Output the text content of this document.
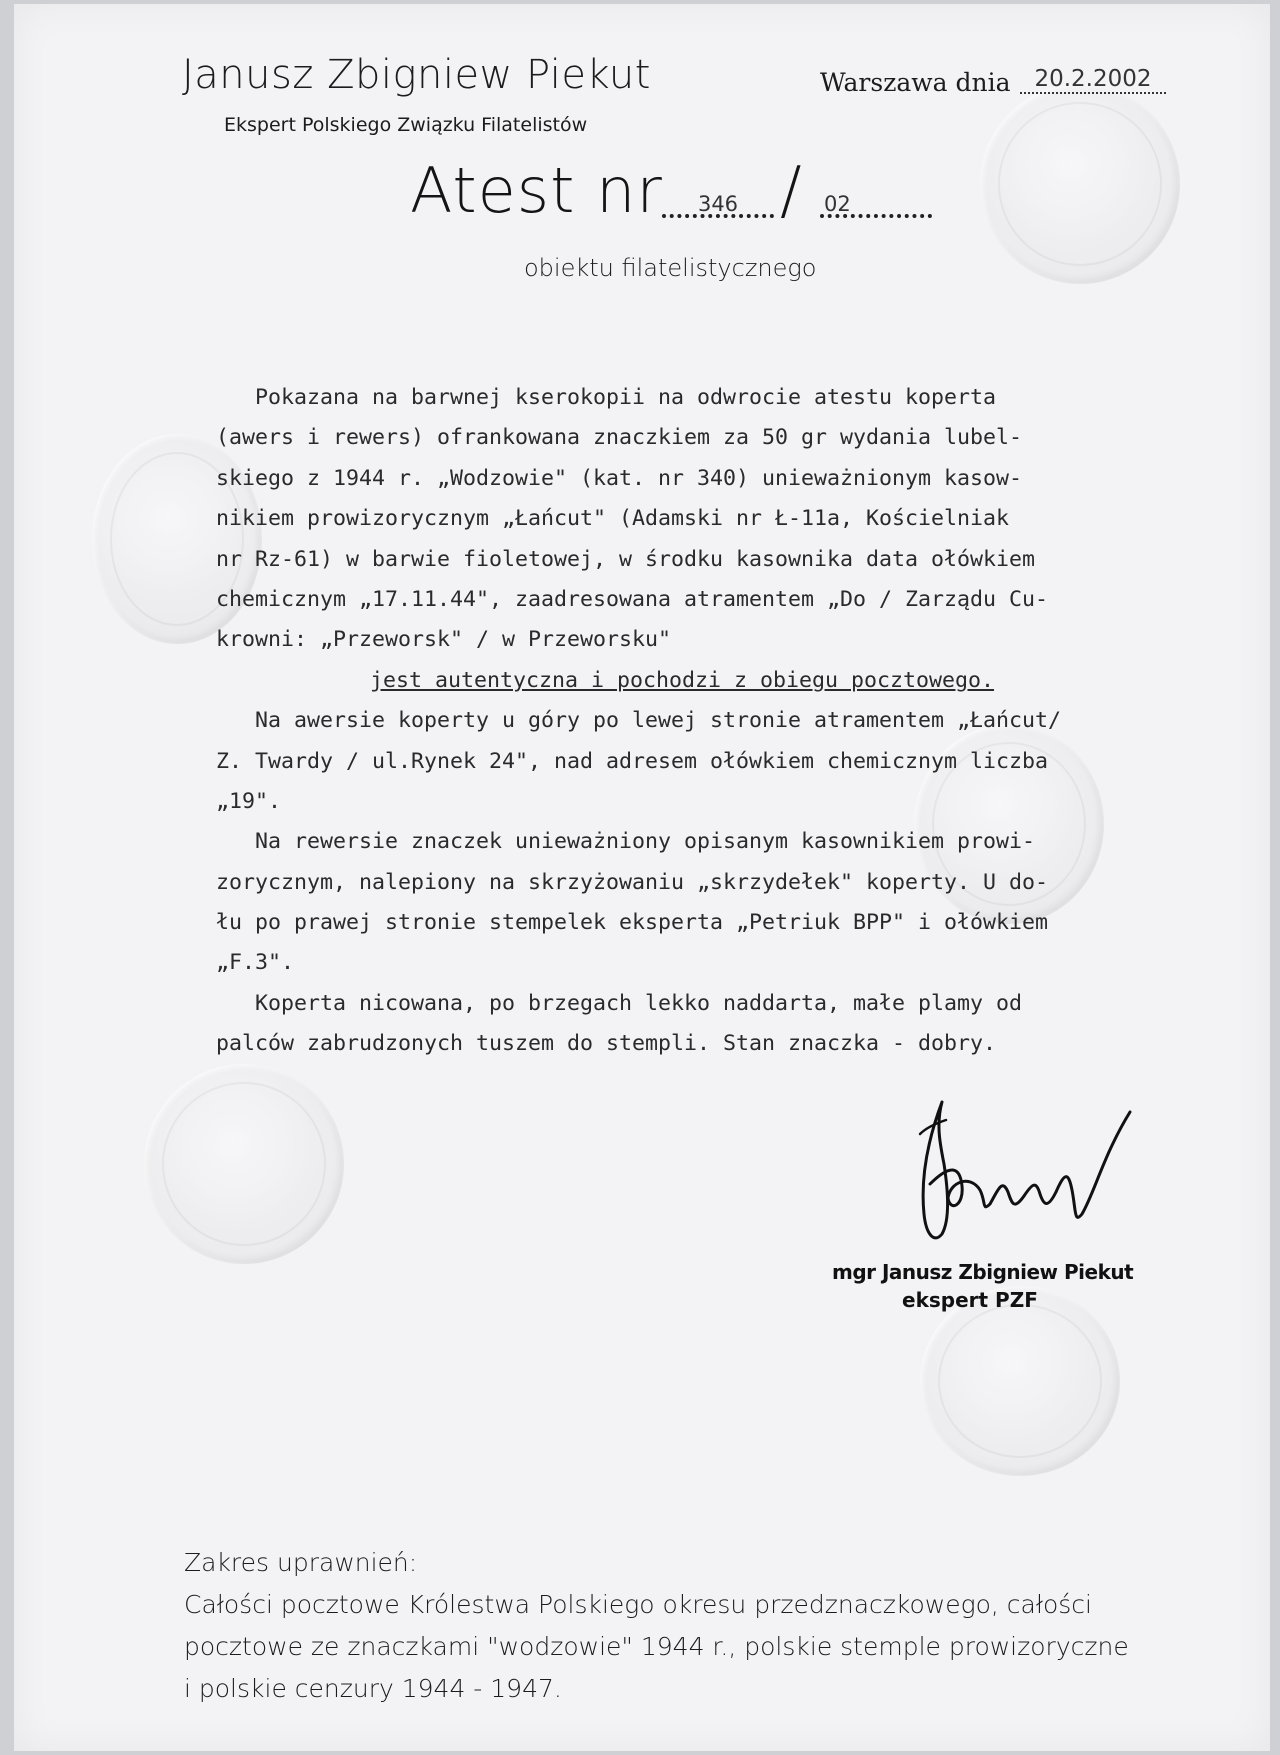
Janusz Zbigniew Piekut
Ekspert Polskiego Związku Filatelistów
Warszawa dnia	20.2.2002
Atest nr	346 / 02
obiektu filatelistycznego
Pokazana na barwnej kserokopii na odwrocie atestu koperta
(awers i rewers) ofrankowana znaczkiem za 50 gr wydania lubel-
skiego z 1944 r. „Wodzowie" (kat. nr 340) unieważnionym kasow-
nikiem prowizorycznym „Łańcut" (Adamski nr Ł-11a, Kościelniak
nr Rz-61) w barwie fioletowej, w środku kasownika data ołówkiem
chemicznym „17.11.44", zaadresowana atramentem „Do / Zarządu Cu-
krowni: „Przeworsk" / w Przeworsku"
jest autentyczna i pochodzi z obiegu pocztowego.
Na awersie koperty u góry po lewej stronie atramentem „Łańcut/
Z. Twardy / ul.Rynek 24", nad adresem ołówkiem chemicznym liczba
„19".
Na rewersie znaczek unieważniony opisanym kasownikiem prowi-
zorycznym, nalepiony na skrzyżowaniu „skrzydełek" koperty. U do-
łu po prawej stronie stempelek eksperta „Petriuk BPP" i ołówkiem
„F.3".
Koperta nicowana, po brzegach lekko naddarta, małe plamy od
palców zabrudzonych tuszem do stempli. Stan znaczka - dobry.
mgr Janusz Zbigniew Piekut
ekspert PZF
Zakres uprawnień:
Całości pocztowe Królestwa Polskiego okresu przedznaczkowego, całości
pocztowe ze znaczkami "wodzowie" 1944 r., polskie stemple prowizoryczne
i polskie cenzury 1944 - 1947.
